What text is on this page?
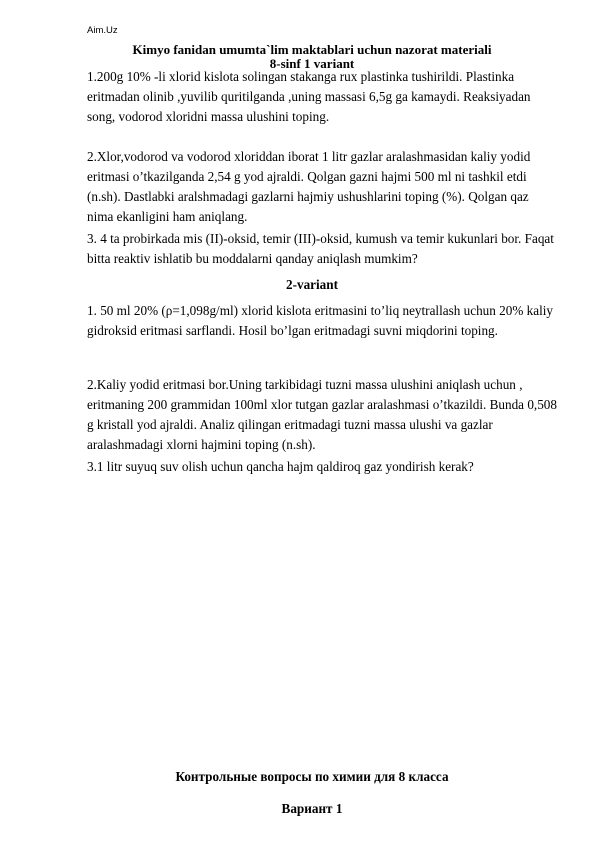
Aim.Uz
Kimyo fanidan umumta`lim maktablari uchun nazorat materiali
8-sinf 1 variant

1.200g 10% -li xlorid kislota solingan stakanga rux plastinka tushirildi. Plastinka eritmadan olinib ,yuvilib quritilganda ,uning massasi 6,5g ga kamaydi. Reaksiyadan song, vodorod xloridni massa ulushini toping.

2.Xlor,vodorod va vodorod xloriddan iborat 1 litr gazlar aralashmasidan kaliy yodid eritmasi o’tkazilganda 2,54 g yod ajraldi. Qolgan gazni hajmi 500 ml ni tashkil etdi (n.sh). Dastlabki aralshmadagi gazlarni hajmiy ushushlarini toping (%). Qolgan qaz nima ekanligini ham aniqlang.

3. 4 ta probirkada mis (II)-oksid, temir (III)-oksid, kumush va temir kukunlari bor. Faqat bitta reaktiv ishlatib bu moddalarni qanday aniqlash mumkim?

2-variant

1. 50 ml 20% (ρ=1,098g/ml) xlorid kislota eritmasini to’liq neytrallash uchun 20% kaliy gidroksid eritmasi sarflandi. Hosil bo’lgan eritmadagi suvni miqdorini toping.

2.Kaliy yodid eritmasi bor.Uning tarkibidagi tuzni massa ulushini aniqlash uchun , eritmaning 200 grammidan 100ml xlor tutgan gazlar aralashmasi o’tkazildi. Bunda 0,508 g kristall yod ajraldi. Analiz qilingan eritmadagi tuzni massa ulushi va gazlar aralashmadagi xlorni hajmini toping (n.sh).

3.1 litr suyuq suv olish uchun qancha hajm qaldiroq gaz yondirish kerak?

Контрольные вопросы по химии для 8 класса
Вариант 1
